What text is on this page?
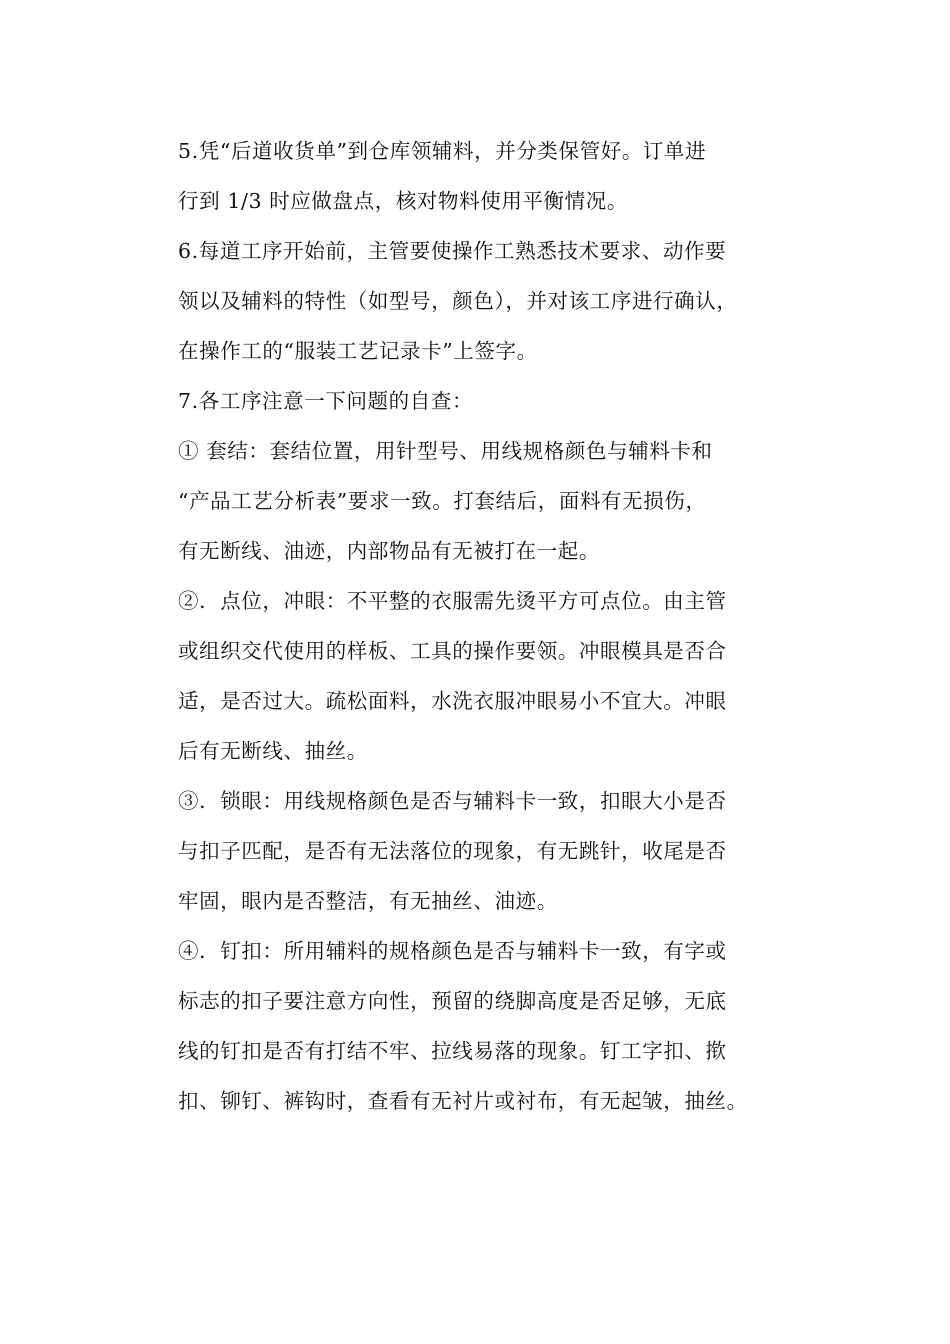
5.凭“后道收货单”到仓库领辅料，并分类保管好。订单进
行到 1/3 时应做盘点，核对物料使用平衡情况。
6.每道工序开始前，主管要使操作工熟悉技术要求、动作要
领以及辅料的特性（如型号，颜色），并对该工序进行确认，
在操作工的“服装工艺记录卡”上签字。
7.各工序注意一下问题的自查：
① 套结：套结位置，用针型号、用线规格颜色与辅料卡和
“产品工艺分析表”要求一致。打套结后，面料有无损伤，
有无断线、油迹，内部物品有无被打在一起。
②．点位，冲眼：不平整的衣服需先烫平方可点位。由主管
或组织交代使用的样板、工具的操作要领。冲眼模具是否合
适，是否过大。疏松面料，水洗衣服冲眼易小不宜大。冲眼
后有无断线、抽丝。
③．锁眼：用线规格颜色是否与辅料卡一致，扣眼大小是否
与扣子匹配，是否有无法落位的现象，有无跳针，收尾是否
牢固，眼内是否整洁，有无抽丝、油迹。
④．钉扣：所用辅料的规格颜色是否与辅料卡一致，有字或
标志的扣子要注意方向性，预留的绕脚高度是否足够，无底
线的钉扣是否有打结不牢、拉线易落的现象。钉工字扣、揿
扣、铆钉、裤钩时，查看有无衬片或衬布，有无起皱，抽丝。
